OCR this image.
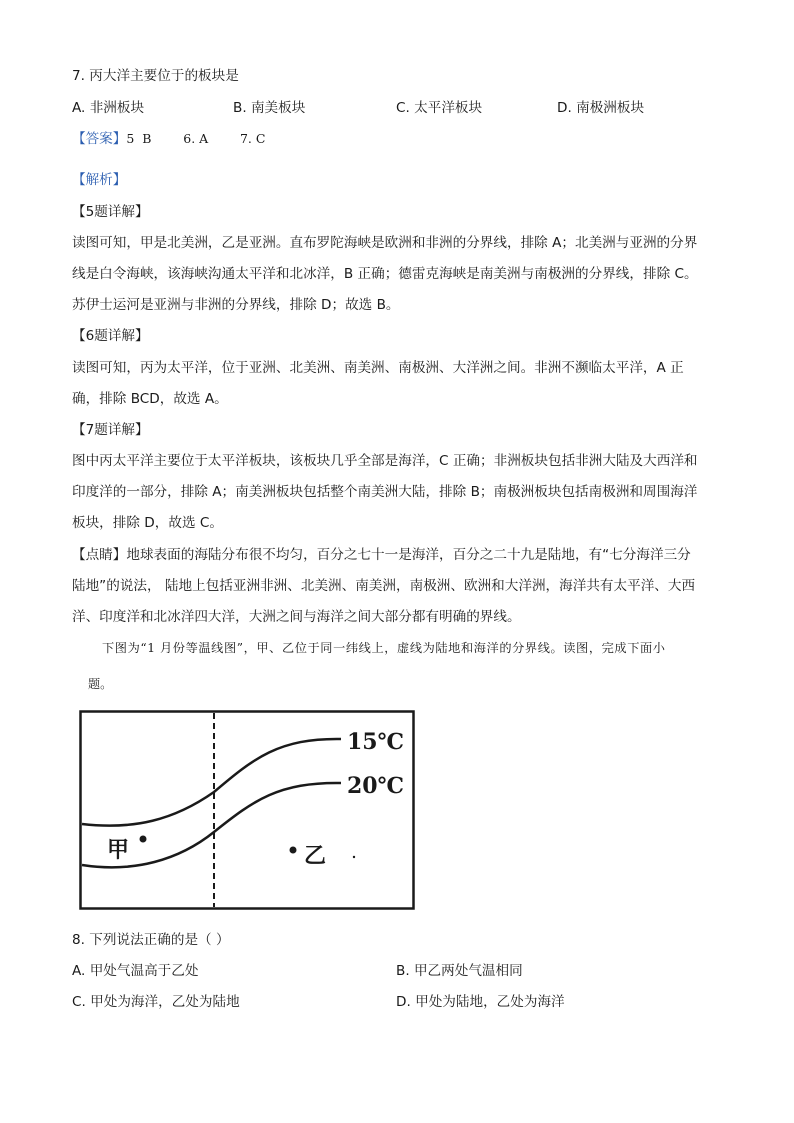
7. 丙大洋主要位于的板块是
A. 非洲板块	B. 南美板块	C. 太平洋板块	D. 南极洲板块
【答案】5  B        6. A        7. C
【解析】
【5题详解】
读图可知，甲是北美洲，乙是亚洲。直布罗陀海峡是欧洲和非洲的分界线，排除 A；北美洲与亚洲的分界
线是白令海峡，该海峡沟通太平洋和北冰洋，B 正确；德雷克海峡是南美洲与南极洲的分界线，排除 C。
苏伊士运河是亚洲与非洲的分界线，排除 D；故选 B。
【6题详解】
读图可知，丙为太平洋，位于亚洲、北美洲、南美洲、南极洲、大洋洲之间。非洲不濒临太平洋，A 正
确，排除 BCD，故选 A。
【7题详解】
图中丙太平洋主要位于太平洋板块，该板块几乎全部是海洋，C 正确；非洲板块包括非洲大陆及大西洋和
印度洋的一部分，排除 A；南美洲板块包括整个南美洲大陆，排除 B；南极洲板块包括南极洲和周围海洋
板块，排除 D，故选 C。
【点睛】地球表面的海陆分布很不均匀，百分之七十一是海洋，百分之二十九是陆地，有“七分海洋三分
陆地”的说法， 陆地上包括亚洲非洲、北美洲、南美洲，南极洲、欧洲和大洋洲，海洋共有太平洋、大西
洋、印度洋和北冰洋四大洋，大洲之间与海洋之间大部分都有明确的界线。
下图为“1 月份等温线图”，甲、乙位于同一纬线上，虚线为陆地和海洋的分界线。读图，完成下面小
题。
15℃
20℃
甲	乙
8. 下列说法正确的是（ ）
A. 甲处气温高于乙处	B. 甲乙两处气温相同
C. 甲处为海洋，乙处为陆地	D. 甲处为陆地，乙处为海洋
